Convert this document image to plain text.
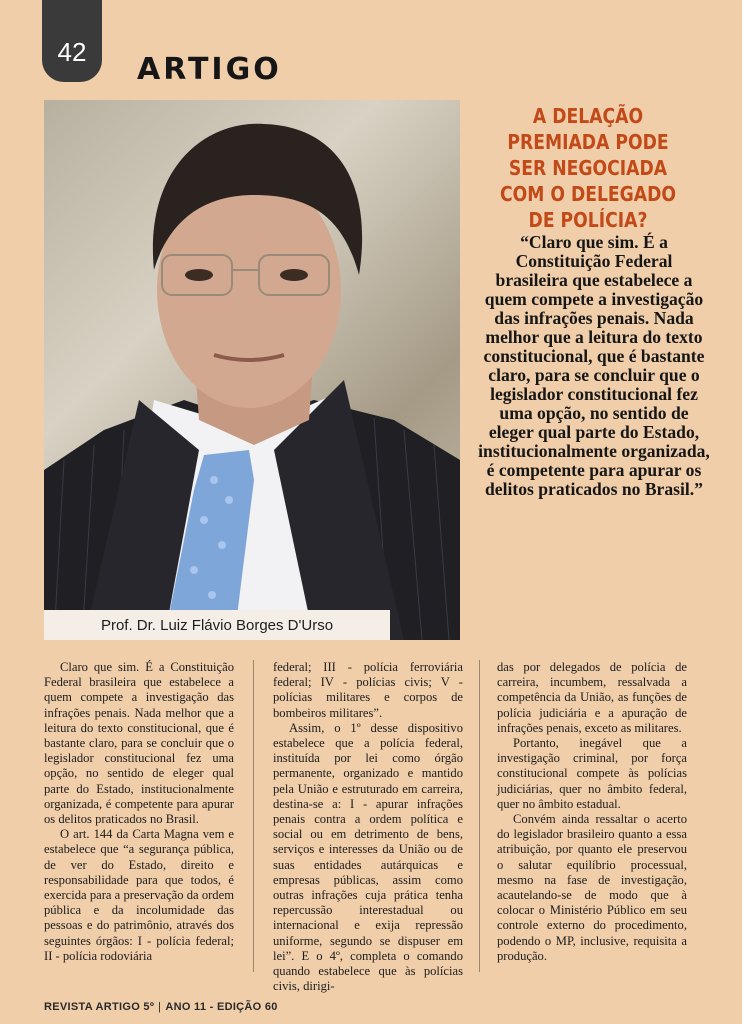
42	ARTIGO
Prof. Dr. Luiz Flávio Borges D'Urso
A DELAÇÃO PREMIADA PODE SER NEGOCIADA COM O DELEGADO DE POLÍCIA?

“Claro que sim. É a Constituição Federal brasileira que estabelece a quem compete a investigação das infrações penais. Nada melhor que a leitura do texto constitucional, que é bastante claro, para se concluir que o legislador constitucional fez uma opção, no sentido de eleger qual parte do Estado, institucionalmente organizada, é competente para apurar os delitos praticados no Brasil.”

Claro que sim. É a Constituição Federal brasileira que estabelece a quem compete a investigação das infrações penais. Nada melhor que a leitura do texto constitucional, que é bastante claro, para se concluir que o legislador constitucional fez uma opção, no sentido de eleger qual parte do Estado, institucionalmente organizada, é competente para apurar os delitos praticados no Brasil.

O art. 144 da Carta Magna vem e estabelece que “a segurança pública, de ver do Estado, direito e responsabilidade para que todos, é exercida para a preservação da ordem pública e da incolumidade das pessoas e do patrimônio, através dos seguintes órgãos: I - polícia federal; II - polícia rodoviária

federal; III - polícia ferroviária federal; IV - polícias civis; V - polícias militares e corpos de bombeiros militares”.

Assim, o 1º desse dispositivo estabelece que a polícia federal, instituída por lei como órgão permanente, organizado e mantido pela União e estruturado em carreira, destina-se a: I - apurar infrações penais contra a ordem política e social ou em detrimento de bens, serviços e interesses da União ou de suas entidades autárquicas e empresas públicas, assim como outras infrações cuja prática tenha repercussão interestadual ou internacional e exija repressão uniforme, segundo se dispuser em lei”. E o 4º, completa o comando quando estabelece que às polícias civis, dirigi-

das por delegados de polícia de carreira, incumbem, ressalvada a competência da União, as funções de polícia judiciária e a apuração de infrações penais, exceto as militares.

Portanto, inegável que a investigação criminal, por força constitucional compete às polícias judiciárias, quer no âmbito federal, quer no âmbito estadual.

Convém ainda ressaltar o acerto do legislador brasileiro quanto a essa atribuição, por quanto ele preservou o salutar equilíbrio processual, mesmo na fase de investigação, acautelando-se de modo que à colocar o Ministério Público em seu controle externo do procedimento, podendo o MP, inclusive, requisita a produção.

REVISTA ARTIGO 5º | ANO 11 - EDIÇÃO 60
